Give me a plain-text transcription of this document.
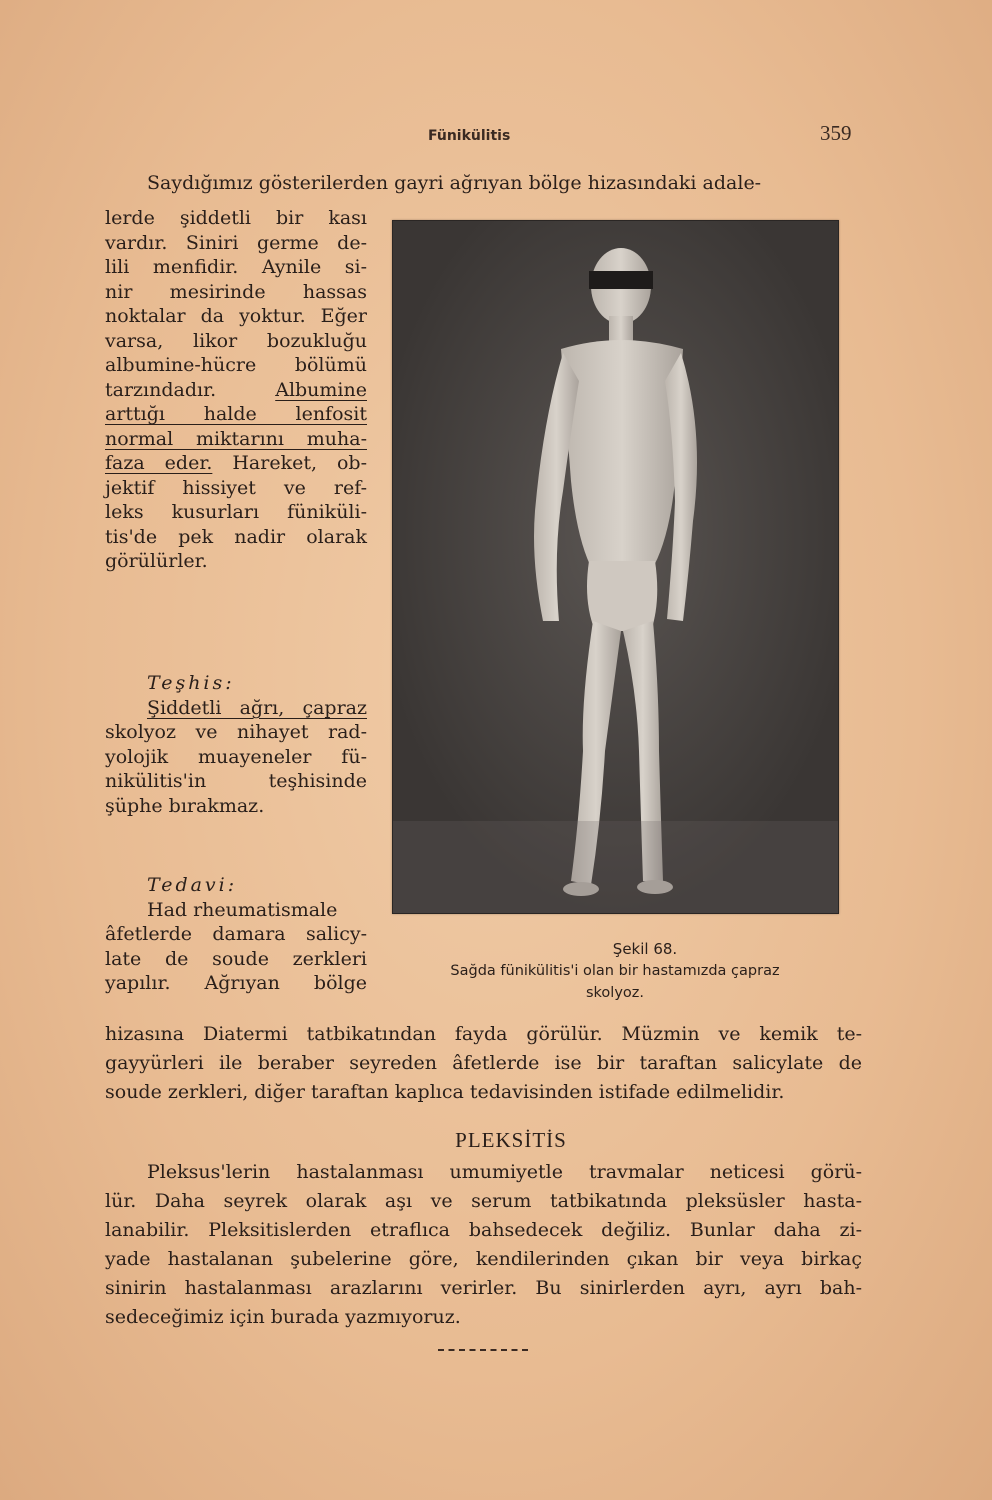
Fünikülitis	359

Saydığımız gösterilerden gayri ağrıyan bölge hizasındaki adale-

lerde şiddetli bir kası

vardır. Siniri germe de-

lili menfidir. Aynile si-

nir mesirinde hassas

noktalar da yoktur. Eğer

varsa, likor bozukluğu

albumine-hücre bölümü

tarzındadır.	Albumine

arttığı halde lenfosit

normal miktarını muha-

faza eder. Hareket, ob-

jektif hissiyet ve ref-

leks kusurları füniküli-

tis'de pek nadir olarak

görülürler.

Teşhis:

Şiddetli ağrı, çapraz

skolyoz ve nihayet rad-

yolojik muayeneler fü-

nikülitis'in teşhisinde

şüphe bırakmaz.

Tedavi:

Had rheumatismale

âfetlerde damara salicy-

late de soude zerkleri

yapılır. Ağrıyan bölge

Şekil 68.
Sağda fünikülitis'i olan bir hastamızda çapraz
skolyoz.

hizasına Diatermi tatbikatından fayda görülür. Müzmin ve kemik te-

gayyürleri ile beraber seyreden âfetlerde ise bir taraftan salicylate de

soude zerkleri, diğer taraftan kaplıca tedavisinden istifade edilmelidir.

PLEKSİTİS

Pleksus'lerin hastalanması umumiyetle travmalar neticesi görü-

lür. Daha seyrek olarak aşı ve serum tatbikatında pleksüsler hasta-

lanabilir. Pleksitislerden etraflıca bahsedecek değiliz. Bunlar daha zi-

yade hastalanan şubelerine göre, kendilerinden çıkan bir veya birkaç

sinirin hastalanması arazlarını verirler. Bu sinirlerden ayrı, ayrı bah-

sedeceğimiz için burada yazmıyoruz.
